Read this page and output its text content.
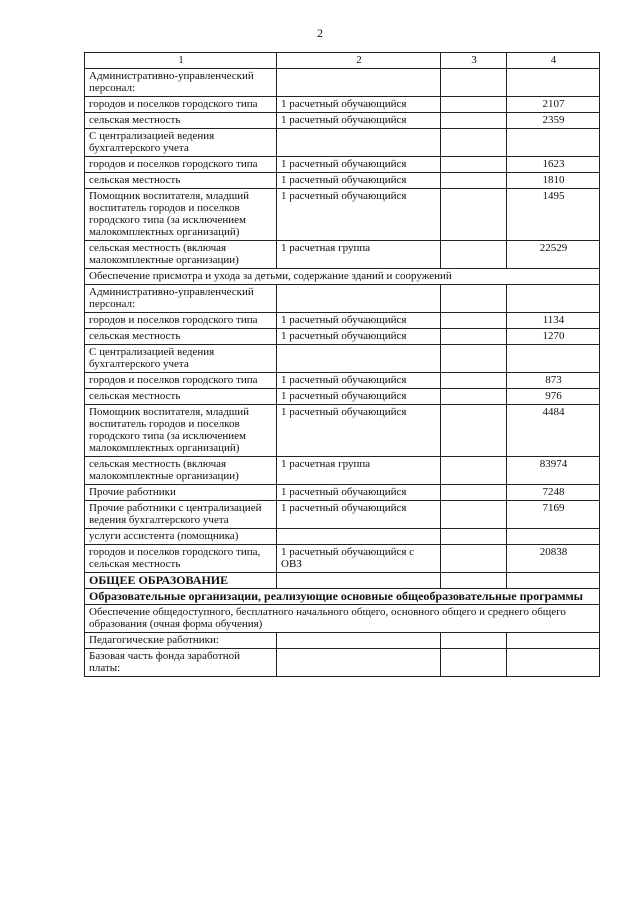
2
1	2	3	4
Административно-управленческий персонал:			
городов и поселков городского типа	1 расчетный обучающийся		2107
сельская местность	1 расчетный обучающийся		2359
С централизацией ведения бухгалтерского учета			
городов и поселков городского типа	1 расчетный обучающийся		1623
сельская местность	1 расчетный обучающийся		1810
Помощник воспитателя, младший воспитатель городов и поселков городского типа (за исключением малокомплектных организаций)	1 расчетный обучающийся		1495
сельская местность (включая малокомплектные организации)	1 расчетная группа		22529
Обеспечение присмотра и ухода за детьми, содержание зданий и сооружений			
Административно-управленческий персонал:			
городов и поселков городского типа	1 расчетный обучающийся		1134
сельская местность	1 расчетный обучающийся		1270
С централизацией ведения бухгалтерского учета			
городов и поселков городского типа	1 расчетный обучающийся		873
сельская местность	1 расчетный обучающийся		976
Помощник воспитателя, младший воспитатель городов и поселков городского типа (за исключением малокомплектных организаций)	1 расчетный обучающийся		4484
сельская местность (включая малокомплектные организации)	1 расчетная группа		83974
Прочие работники	1 расчетный обучающийся		7248
Прочие работники с централизацией ведения бухгалтерского учета	1 расчетный обучающийся		7169
услуги ассистента (помощника)			
городов и поселков городского типа, сельская местность	1 расчетный обучающийся с ОВЗ		20838
ОБЩЕЕ ОБРАЗОВАНИЕ			
Образовательные организации, реализующие основные общеобразовательные программы			
Обеспечение общедоступного, бесплатного начального общего, основного общего и среднего общего образования (очная форма обучения)			
Педагогические работники:			
Базовая часть фонда заработной платы:			
